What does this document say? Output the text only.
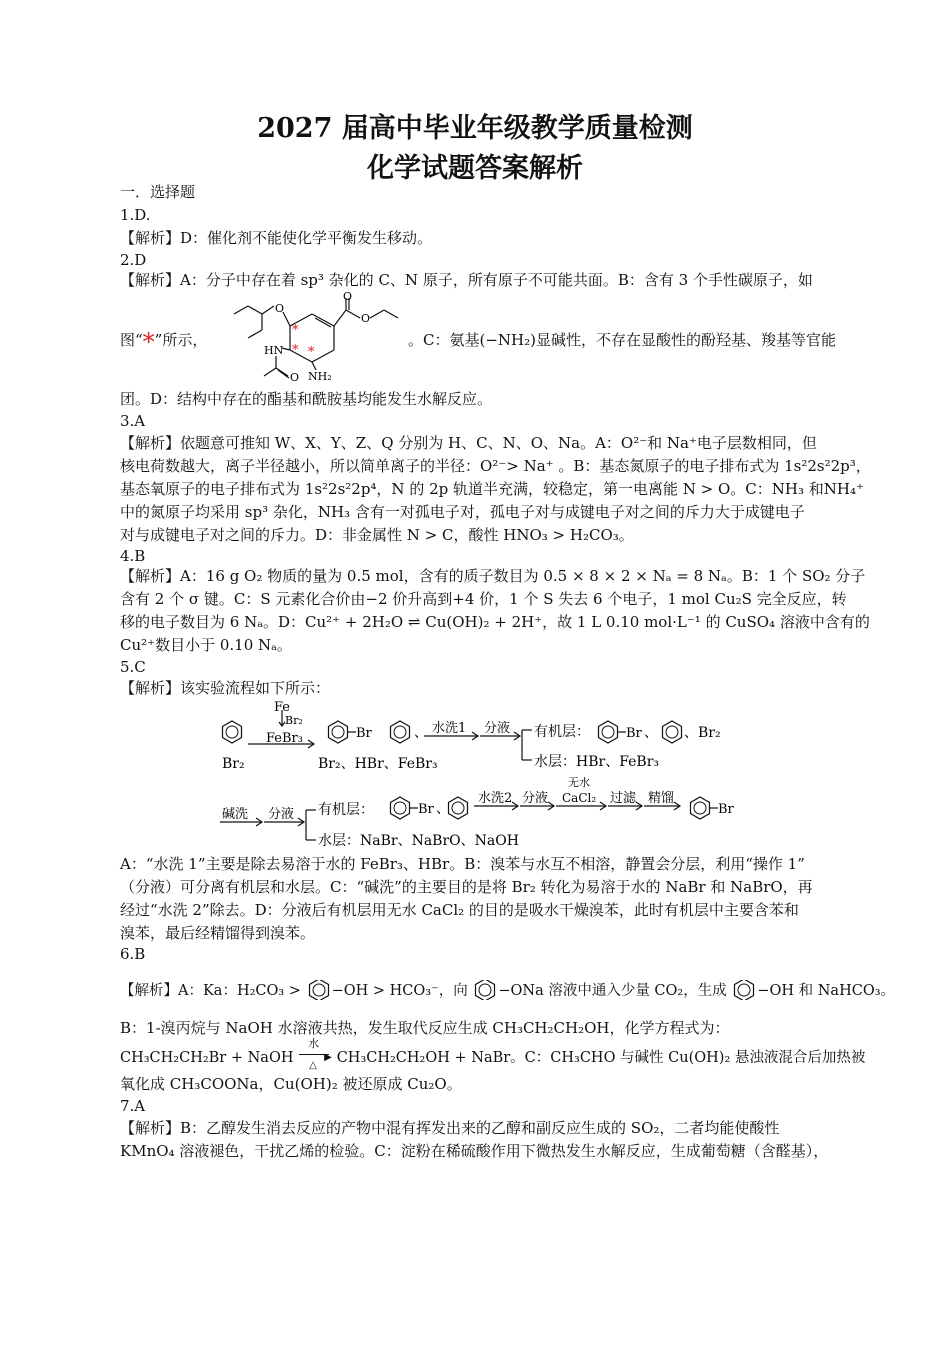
2027 届高中毕业年级教学质量检测
化学试题答案解析
一．选择题
1.D.
【解析】D：催化剂不能使化学平衡发生移动。
2.D
【解析】A：分子中存在着 sp³ 杂化的 C、N 原子，所有原子不可能共面。B：含有 3 个手性碳原子，如
图“*”所示，
O
O
O
*
* *
HN
NH₂
O
。C：氨基(−NH₂)显碱性，不存在显酸性的酚羟基、羧基等官能
团。D：结构中存在的酯基和酰胺基均能发生水解反应。
3.A
【解析】依题意可推知 W、X、Y、Z、Q 分别为 H、C、N、O、Na。A：O²⁻和 Na⁺电子层数相同，但
核电荷数越大，离子半径越小，所以简单离子的半径：O²⁻> Na⁺ 。B：基态氮原子的电子排布式为 1s²2s²2p³，
基态氧原子的电子排布式为 1s²2s²2p⁴，N 的 2p 轨道半充满，较稳定，第一电离能 N > O。C：NH₃ 和NH₄⁺
中的氮原子均采用 sp³ 杂化，NH₃ 含有一对孤电子对，孤电子对与成键电子对之间的斥力大于成键电子
对与成键电子对之间的斥力。D：非金属性 N > C，酸性 HNO₃ > H₂CO₃。
4.B
【解析】A：16 g O₂ 物质的量为 0.5 mol，含有的质子数目为 0.5 × 8 × 2 × Nₐ = 8 Nₐ。B：1 个 SO₂ 分子
含有 2 个 σ 键。C：S 元素化合价由−2 价升高到+4 价，1 个 S 失去 6 个电子，1 mol Cu₂S 完全反应，转
移的电子数目为 6 Nₐ。D：Cu²⁺ + 2H₂O ⇌ Cu(OH)₂ + 2H⁺，故 1 L 0.10 mol·L⁻¹ 的 CuSO₄ 溶液中含有的
Cu²⁺数目小于 0.10 Nₐ。
5.C
【解析】该实验流程如下所示：
Fe
Br₂
FeBr₃
Br₂	Br₂、HBr、FeBr₃
Br	、 水洗1 分液 有机层：	Br 、 、Br₂
水层：HBr、FeBr₃
碱洗 分液 有机层：	Br 、
水层：NaBr、NaBrO、NaOH
水洗2 分液
无水
CaCl₂ 过滤 精馏
Br
A：“水洗 1”主要是除去易溶于水的 FeBr₃、HBr。B：溴苯与水互不相溶，静置会分层，利用“操作 1”
（分液）可分离有机层和水层。C：“碱洗”的主要目的是将 Br₂ 转化为易溶于水的 NaBr 和 NaBrO，再
经过“水洗 2”除去。D：分液后有机层用无水 CaCl₂ 的目的是吸水干燥溴苯，此时有机层中主要含苯和
溴苯，最后经精馏得到溴苯。
6.B
【解析】A：Ka：H₂CO₃ > −OH > HCO₃⁻，向 −ONa 溶液中通入少量 CO₂，生成 −OH 和 NaHCO₃。
B：1-溴丙烷与 NaOH 水溶液共热，发生取代反应生成 CH₃CH₂CH₂OH，化学方程式为：
CH₃CH₂CH₂Br + NaOH
水
▶
△ CH₃CH₂CH₂OH + NaBr。C：CH₃CHO 与碱性 Cu(OH)₂ 悬浊液混合后加热被
氧化成 CH₃COONa，Cu(OH)₂ 被还原成 Cu₂O。
7.A
【解析】B：乙醇发生消去反应的产物中混有挥发出来的乙醇和副反应生成的 SO₂，二者均能使酸性
KMnO₄ 溶液褪色，干扰乙烯的检验。C：淀粉在稀硫酸作用下微热发生水解反应，生成葡萄糖（含醛基），
